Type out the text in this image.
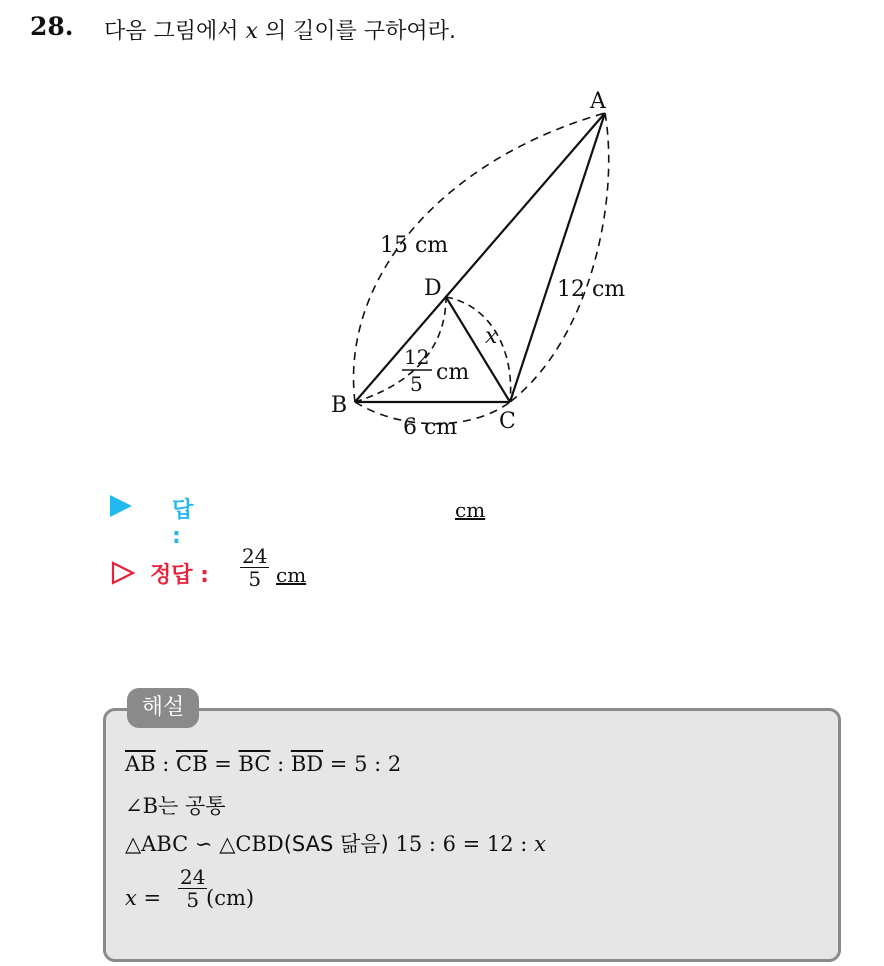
28. 다음 그림에서 x 의 길이를 구하여라.
A
B
C
D
15 cm
12 cm
6 cm
x
12
5 cm
답 :
cm
정답 : $\frac{24}{5}$ cm
해설
$\overline{AB}$ : $\overline{CB} = \overline{BC}$ : $\overline{BD} = 5$ : 2
∠B는 공통
△ABC ∽ △CBD(SAS 닮음) 15 : 6 = 12 : x
$x = \frac{24}{5}$
(cm)
